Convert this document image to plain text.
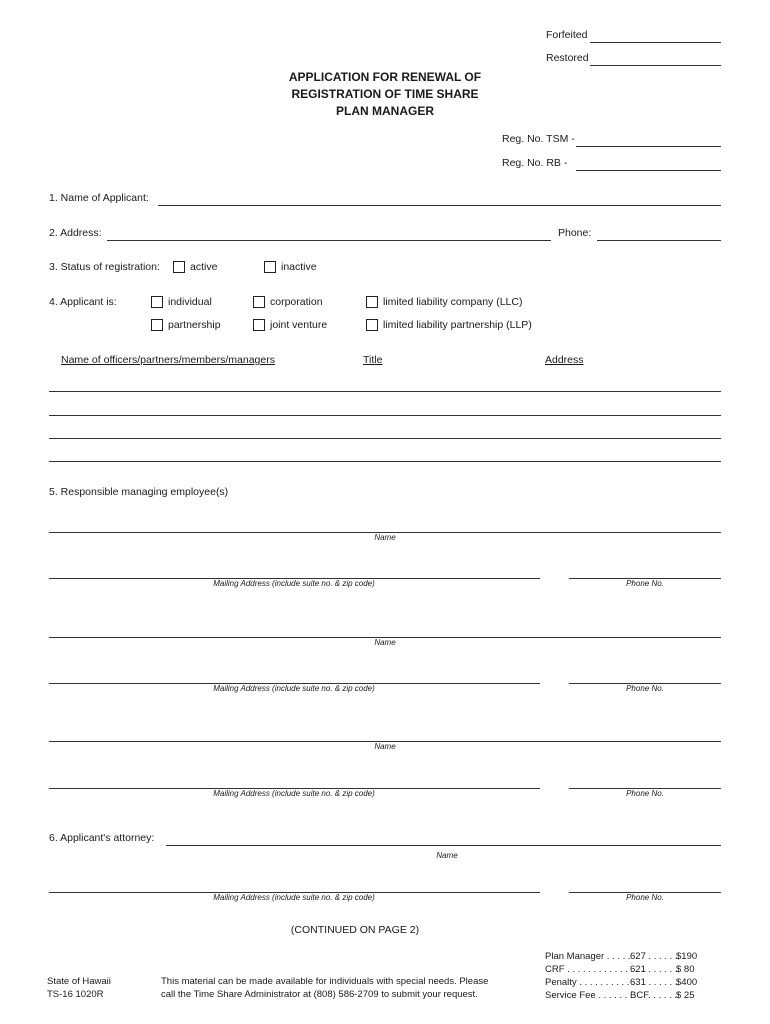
Forfeited
Restored
APPLICATION FOR RENEWAL OF
REGISTRATION OF TIME SHARE
PLAN MANAGER
Reg. No. TSM -
Reg. No. RB -
1. Name of Applicant:
2. Address:	Phone:
3. Status of registration:	active	inactive
4. Applicant is:	individual	corporation	limited liability company (LLC)
partnership	joint venture	limited liability partnership (LLP)
Name of officers/partners/members/managers	Title	Address
5. Responsible managing employee(s)
Name
Mailing Address (include suite no. & zip code)	Phone No.
Name
Mailing Address (include suite no. & zip code)	Phone No.
Name
Mailing Address (include suite no. & zip code)	Phone No.
6. Applicant's attorney:
Name
Mailing Address (include suite no. & zip code)	Phone No.
(CONTINUED ON PAGE 2)
State of Hawaii
TS-16 1020R
This material can be made available for individuals with special needs. Please
call the Time Share Administrator at (808) 586-2709 to submit your request.
Plan Manager . . . . .627 . . . . . .$190
CRF . . . . . . . . . . . . . . .621 . . . . . .$ 80
Penalty . . . . . . . . . . .631 . . . . . .$400
Service Fee . . . . . . .BCF. . . . . .$ 25
